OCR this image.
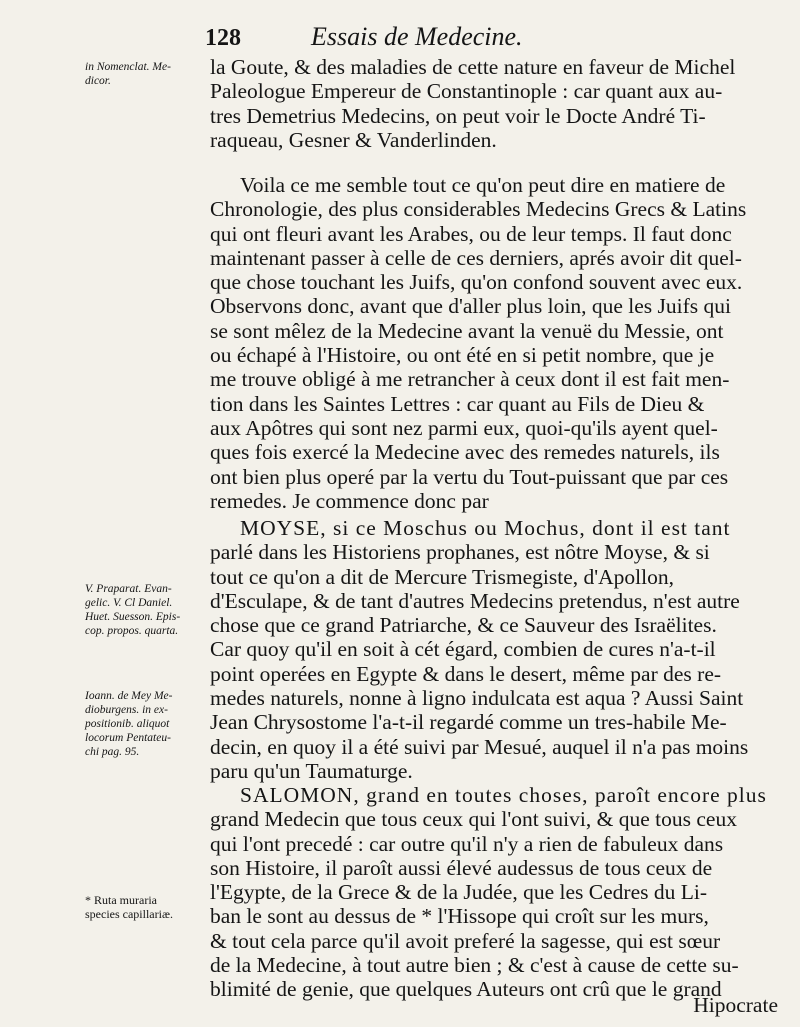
128	Essais de Medecine.
in Nomenclat. Me-
dicor.
V. Praparat. Evan-
gelic. V. Cl Daniel.
Huet. Suesson. Epis-
cop. propos. quarta.
Ioann. de Mey Me-
dioburgens. in ex-
positionib. aliquot
locorum Pentateu-
chi pag. 95.
* Ruta muraria
species capillariæ.

la Goute, & des maladies de cette nature en faveur de Michel
Paleologue Empereur de Constantinople : car quant aux au-
tres Demetrius Medecins, on peut voir le Docte André Ti-
raqueau, Gesner & Vanderlinden.

Voila ce me semble tout ce qu'on peut dire en matiere de
Chronologie, des plus considerables Medecins Grecs & Latins
qui ont fleuri avant les Arabes, ou de leur temps. Il faut donc
maintenant passer à celle de ces derniers, aprés avoir dit quel-
que chose touchant les Juifs, qu'on confond souvent avec eux.
Observons donc, avant que d'aller plus loin, que les Juifs qui
se sont mêlez de la Medecine avant la venuë du Messie, ont
ou échapé à l'Histoire, ou ont été en si petit nombre, que je
me trouve obligé à me retrancher à ceux dont il est fait men-
tion dans les Saintes Lettres : car quant au Fils de Dieu &
aux Apôtres qui sont nez parmi eux, quoi-qu'ils ayent quel-
ques fois exercé la Medecine avec des remedes naturels, ils
ont bien plus operé par la vertu du Tout-puissant que par ces
remedes. Je commence donc par

MOYSE, si ce Moschus ou Mochus, dont il est tant
parlé dans les Historiens prophanes, est nôtre Moyse, & si
tout ce qu'on a dit de Mercure Trismegiste, d'Apollon,
d'Esculape, & de tant d'autres Medecins pretendus, n'est autre
chose que ce grand Patriarche, & ce Sauveur des Israëlites.
Car quoy qu'il en soit à cét égard, combien de cures n'a-t-il
point operées en Egypte & dans le desert, même par des re-
medes naturels, nonne à ligno indulcata est aqua ? Aussi Saint
Jean Chrysostome l'a-t-il regardé comme un tres-habile Me-
decin, en quoy il a été suivi par Mesué, auquel il n'a pas moins
paru qu'un Taumaturge.

SALOMON, grand en toutes choses, paroît encore plus
grand Medecin que tous ceux qui l'ont suivi, & que tous ceux
qui l'ont precedé : car outre qu'il n'y a rien de fabuleux dans
son Histoire, il paroît aussi élevé audessus de tous ceux de
l'Egypte, de la Grece & de la Judée, que les Cedres du Li-
ban le sont au dessus de * l'Hissope qui croît sur les murs,
& tout cela parce qu'il avoit preferé la sagesse, qui est sœur
de la Medecine, à tout autre bien ; & c'est à cause de cette su-
blimité de genie, que quelques Auteurs ont crû que le grand

Hipocrate
